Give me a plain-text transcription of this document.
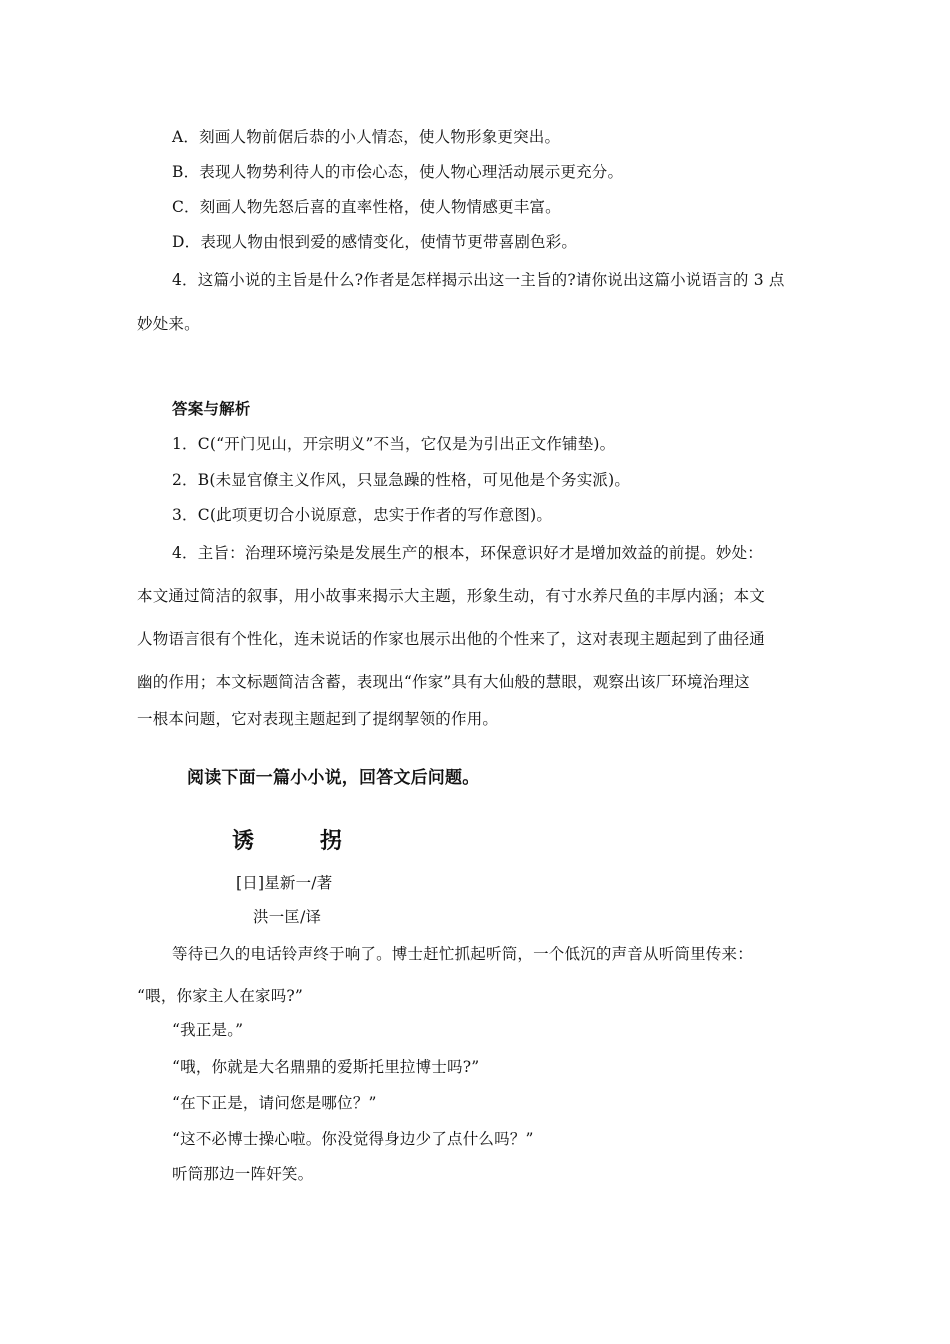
A．刻画人物前倨后恭的小人情态，使人物形象更突出。
B．表现人物势利待人的市侩心态，使人物心理活动展示更充分。
C．刻画人物先怒后喜的直率性格，使人物情感更丰富。
D．表现人物由恨到爱的感情变化，使情节更带喜剧色彩。
4．这篇小说的主旨是什么?作者是怎样揭示出这一主旨的?请你说出这篇小说语言的 3 点
妙处来。
答案与解析
1．C(“开门见山，开宗明义”不当，它仅是为引出正文作铺垫)。
2．B(未显官僚主义作风，只显急躁的性格，可见他是个务实派)。
3．C(此项更切合小说原意，忠实于作者的写作意图)。
4．主旨：治理环境污染是发展生产的根本，环保意识好才是增加效益的前提。妙处：
本文通过简洁的叙事，用小故事来揭示大主题，形象生动，有寸水养尺鱼的丰厚内涵；本文
人物语言很有个性化，连未说话的作家也展示出他的个性来了，这对表现主题起到了曲径通
幽的作用；本文标题简洁含蓄，表现出“作家”具有大仙般的慧眼，观察出该厂环境治理这
一根本问题，它对表现主题起到了提纲挈领的作用。
阅读下面一篇小小说，回答文后问题。
诱	拐
[日]星新一/著
洪一匡/译
等待已久的电话铃声终于响了。博士赶忙抓起听筒，一个低沉的声音从听筒里传来：
“喂，你家主人在家吗?”
“我正是。”
“哦，你就是大名鼎鼎的爱斯托里拉博士吗?”
“在下正是，请问您是哪位？”
“这不必博士操心啦。你没觉得身边少了点什么吗？”
听筒那边一阵奸笑。
